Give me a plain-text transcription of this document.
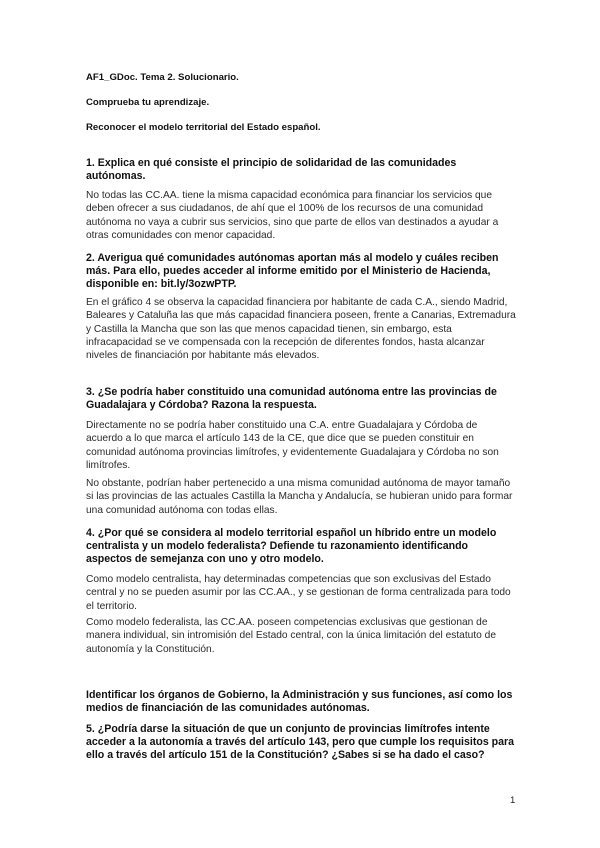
AF1_GDoc. Tema 2. Solucionario.
Comprueba tu aprendizaje.
Reconocer el modelo territorial del Estado español.
1. Explica en qué consiste el principio de solidaridad de las comunidades autónomas.
No todas las CC.AA. tiene la misma capacidad económica para financiar los servicios que deben ofrecer a sus ciudadanos, de ahí que el 100% de los recursos de una comunidad autónoma no vaya a cubrir sus servicios, sino que parte de ellos van destinados a ayudar a otras comunidades con menor capacidad.
2. Averigua qué comunidades autónomas aportan más al modelo y cuáles reciben más. Para ello, puedes acceder al informe emitido por el Ministerio de Hacienda, disponible en: bit.ly/3ozwPTP.
En el gráfico 4 se observa la capacidad financiera por habitante de cada C.A., siendo Madrid, Baleares y Cataluña las que más capacidad financiera poseen, frente a Canarias, Extremadura y Castilla la Mancha que son las que menos capacidad tienen, sin embargo, esta infracapacidad se ve compensada con la recepción de diferentes fondos, hasta alcanzar niveles de financiación por habitante más elevados.
3. ¿Se podría haber constituido una comunidad autónoma entre las provincias de Guadalajara y Córdoba? Razona la respuesta.
Directamente no se podría haber constituido una C.A. entre Guadalajara y Córdoba de acuerdo a lo que marca el artículo 143 de la CE, que dice que se pueden constituir en comunidad autónoma provincias limítrofes, y evidentemente Guadalajara y Córdoba no son limítrofes.
No obstante, podrían haber pertenecido a una misma comunidad autónoma de mayor tamaño si las provincias de las actuales Castilla la Mancha y Andalucía, se hubieran unido para formar una comunidad autónoma con todas ellas.
4. ¿Por qué se considera al modelo territorial español un híbrido entre un modelo centralista y un modelo federalista? Defiende tu razonamiento identificando aspectos de semejanza con uno y otro modelo.
Como modelo centralista, hay determinadas competencias que son exclusivas del Estado central y no se pueden asumir por las CC.AA., y se gestionan de forma centralizada para todo el territorio.
Como modelo federalista, las CC.AA. poseen competencias exclusivas que gestionan de manera individual, sin intromisión del Estado central, con la única limitación del estatuto de autonomía y la Constitución.
Identificar los órganos de Gobierno, la Administración y sus funciones, así como los medios de financiación de las comunidades autónomas.
5. ¿Podría darse la situación de que un conjunto de provincias limítrofes intente acceder a la autonomía a través del artículo 143, pero que cumple los requisitos para ello a través del artículo 151 de la Constitución? ¿Sabes si se ha dado el caso?
1
